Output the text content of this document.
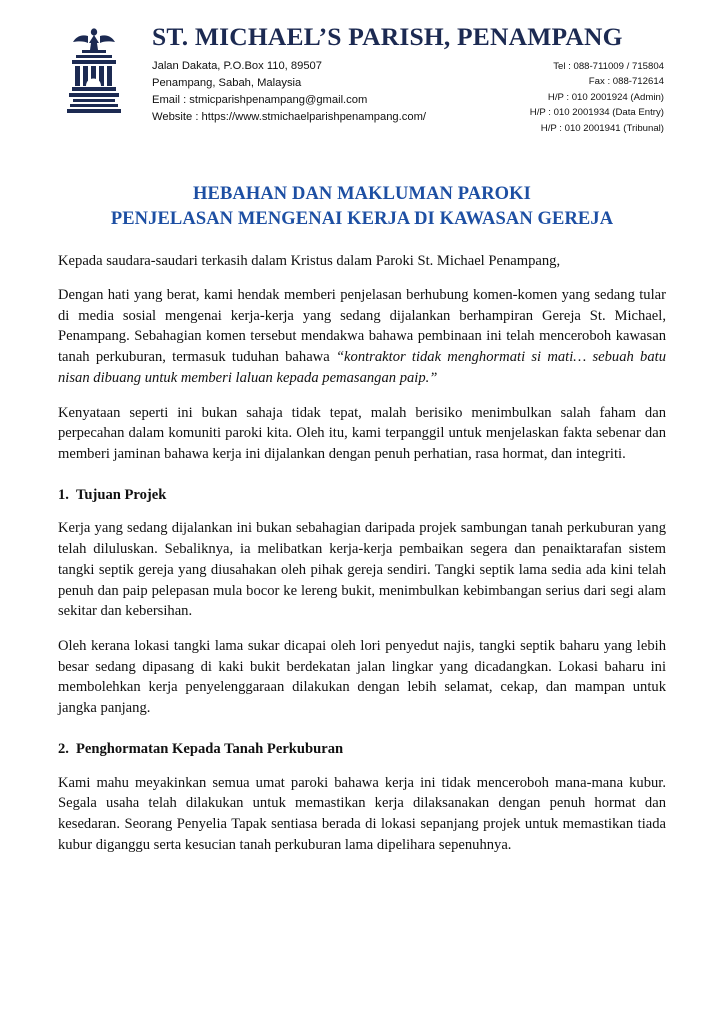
ST. MICHAEL’S PARISH, PENAMPANG
Jalan Dakata, P.O.Box 110, 89507
Penampang, Sabah, Malaysia
Email : stmicparishpenampang@gmail.com
Website : https://www.stmichaelparishpenampang.com/
Tel : 088-711009 / 715804
Fax : 088-712614
H/P : 010 2001924 (Admin)
H/P : 010 2001934 (Data Entry)
H/P : 010 2001941 (Tribunal)
HEBAHAN DAN MAKLUMAN PAROKI
PENJELASAN MENGENAI KERJA DI KAWASAN GEREJA

Kepada saudara-saudari terkasih dalam Kristus dalam Paroki St. Michael Penampang,

Dengan hati yang berat, kami hendak memberi penjelasan berhubung komen-komen yang sedang tular di media sosial mengenai kerja-kerja yang sedang dijalankan berhampiran Gereja St. Michael, Penampang. Sebahagian komen tersebut mendakwa bahawa pembinaan ini telah menceroboh kawasan tanah perkuburan, termasuk tuduhan bahawa “kontraktor tidak menghormati si mati… sebuah batu nisan dibuang untuk memberi laluan kepada pemasangan paip.”

Kenyataan seperti ini bukan sahaja tidak tepat, malah berisiko menimbulkan salah faham dan perpecahan dalam komuniti paroki kita. Oleh itu, kami terpanggil untuk menjelaskan fakta sebenar dan memberi jaminan bahawa kerja ini dijalankan dengan penuh perhatian, rasa hormat, dan integriti.

1. Tujuan Projek

Kerja yang sedang dijalankan ini bukan sebahagian daripada projek sambungan tanah perkuburan yang telah diluluskan. Sebaliknya, ia melibatkan kerja-kerja pembaikan segera dan penaiktarafan sistem tangki septik gereja yang diusahakan oleh pihak gereja sendiri. Tangki septik lama sedia ada kini telah penuh dan paip pelepasan mula bocor ke lereng bukit, menimbulkan kebimbangan serius dari segi alam sekitar dan kebersihan.

Oleh kerana lokasi tangki lama sukar dicapai oleh lori penyedut najis, tangki septik baharu yang lebih besar sedang dipasang di kaki bukit berdekatan jalan lingkar yang dicadangkan. Lokasi baharu ini membolehkan kerja penyelenggaraan dilakukan dengan lebih selamat, cekap, dan mampan untuk jangka panjang.

2. Penghormatan Kepada Tanah Perkuburan

Kami mahu meyakinkan semua umat paroki bahawa kerja ini tidak menceroboh mana-mana kubur. Segala usaha telah dilakukan untuk memastikan kerja dilaksanakan dengan penuh hormat dan kesedaran. Seorang Penyelia Tapak sentiasa berada di lokasi sepanjang projek untuk memastikan tiada kubur diganggu serta kesucian tanah perkuburan lama dipelihara sepenuhnya.
